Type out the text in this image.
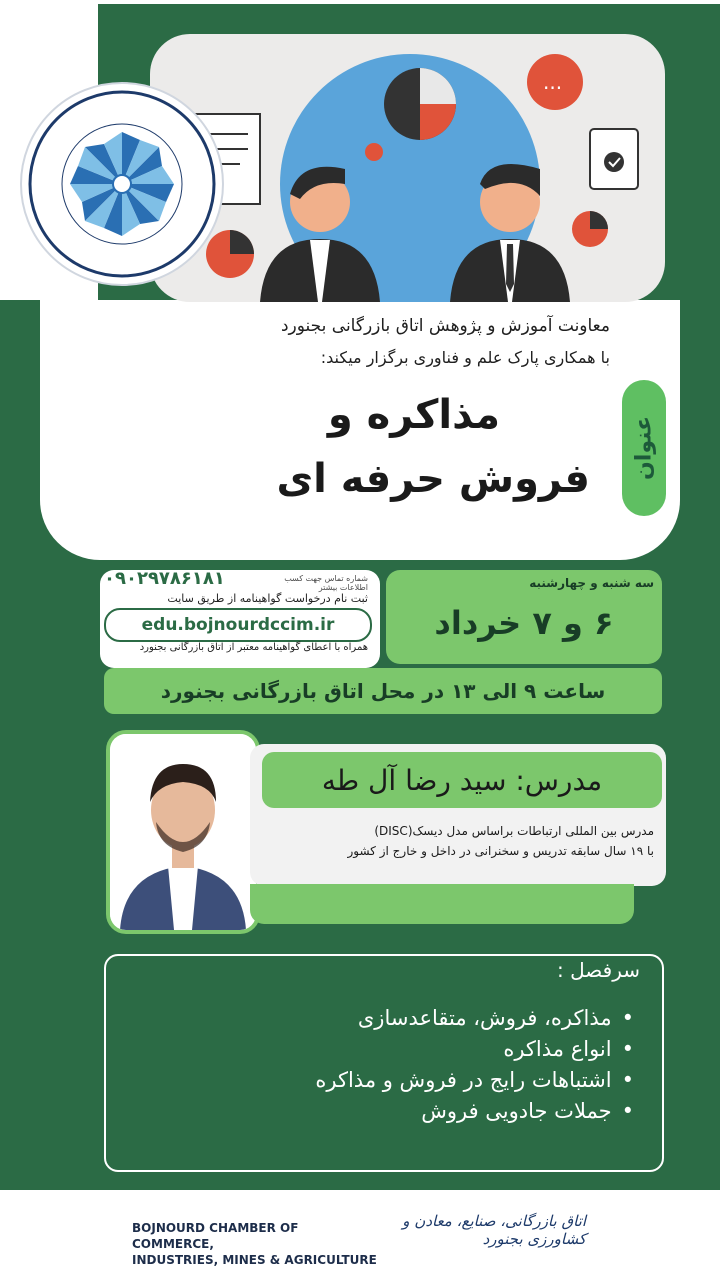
...
معاونت آموزش و پژوهش اتاق بازرگانی بجنورد
با همکاری پارک علم و فناوری برگزار میکند:
مذاکره و
فروش حرفه ای	عنوان
۰۹۰۲۹۷۸۶۱۸۱	شماره تماس جهت کسب اطلاعات بیشتر
ثبت نام درخواست گواهینامه از طریق سایت
edu.bojnourdccim.ir
همراه با اعطای گواهینامه معتبر از اتاق بازرگانی بجنورد
سه شنبه و چهارشنبه
۶ و ۷ خرداد
ساعت ۹ الی ۱۳ در محل اتاق بازرگانی بجنورد
مدرس: سید رضا آل طه
مدرس بین المللی ارتباطات براساس مدل دیسک(DISC)
با ۱۹ سال سابقه تدریس و سخنرانی در داخل و خارج از کشور
سرفصل :
• مذاکره، فروش، متقاعدسازی
• انواع مذاکره
• اشتباهات رایج در فروش و مذاکره
• جملات جادویی فروش
BOJNOURD CHAMBER OF COMMERCE,
INDUSTRIES, MINES & AGRICULTURE
اتاق بازرگانی، صنایع، معادن و کشاورزی بجنورد
